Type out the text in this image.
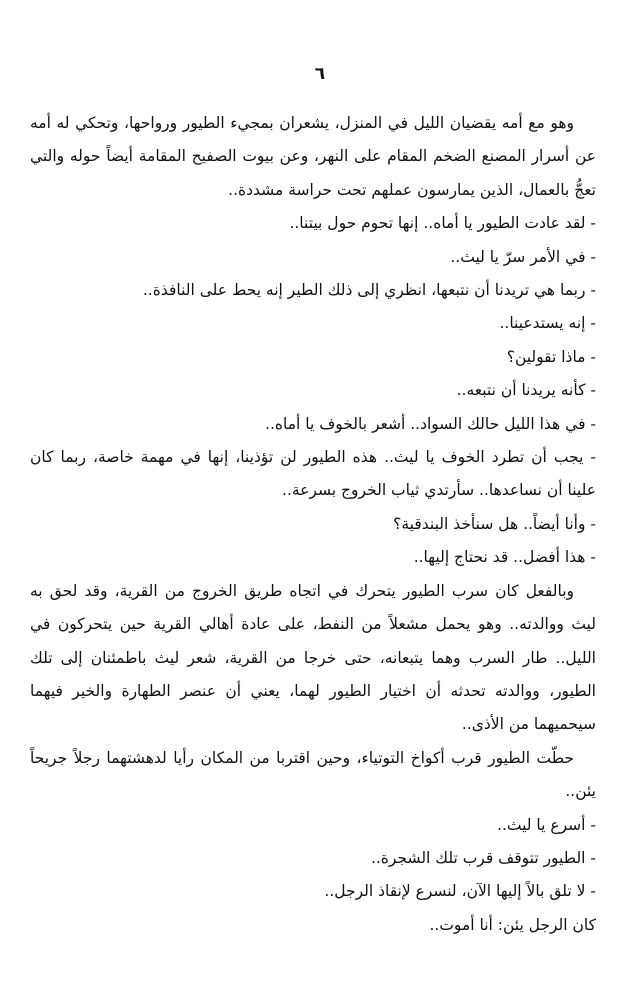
٦

وهو مع أمه يقضيان الليل في المنزل، يشعران بمجيء الطيور ورواحها، وتحكي له أمه عن أسرار المصنع الضخم المقام على النهر، وعن بيوت الصفيح المقامة أيضاً حوله والتي تعجُّ بالعمال، الذين يمارسون عملهم تحت حراسة مشددة..

- لقد عادت الطيور يا أماه.. إنها تحوم حول بيتنا..

- في الأمر سرّ يا ليث..

- ربما هي تريدنا أن نتبعها، انظري إلى ذلك الطير إنه يحط على النافذة..

- إنه يستدعينا..

- ماذا تقولين؟

- كأنه يريدنا أن نتبعه..

- في هذا الليل حالك السواد.. أشعر بالخوف يا أماه..

- يجب أن تطرد الخوف يا ليث.. هذه الطيور لن تؤذينا، إنها في مهمة خاصة، ربما كان علينا أن نساعدها.. سأرتدي ثياب الخروج بسرعة..

- وأنا أيضاً.. هل سنأخذ البندقية؟

- هذا أفضل.. قد نحتاج إليها..

وبالفعل كان سرب الطيور يتحرك في اتجاه طريق الخروج من القرية، وقد لحق به ليث ووالدته.. وهو يحمل مشعلاً من النفط، على عادة أهالي القرية حين يتحركون في الليل.. طار السرب وهما يتبعانه، حتى خرجا من القرية، شعر ليث باطمئنان إلى تلك الطيور، ووالدته تحدثه أن اختيار الطيور لهما، يعني أن عنصر الطهارة والخير فيهما سيحميهما من الأذى..

حطّت الطيور قرب أكواخ التوتياء، وحين اقتربا من المكان رأيا لدهشتهما رجلاً جريحاً يئن..

- أسرع يا ليث..

- الطيور تتوقف قرب تلك الشجرة..

- لا تلق بالاً إليها الآن، لنسرع لإنقاذ الرجل..

كان الرجل يئن: أنا أموت..
